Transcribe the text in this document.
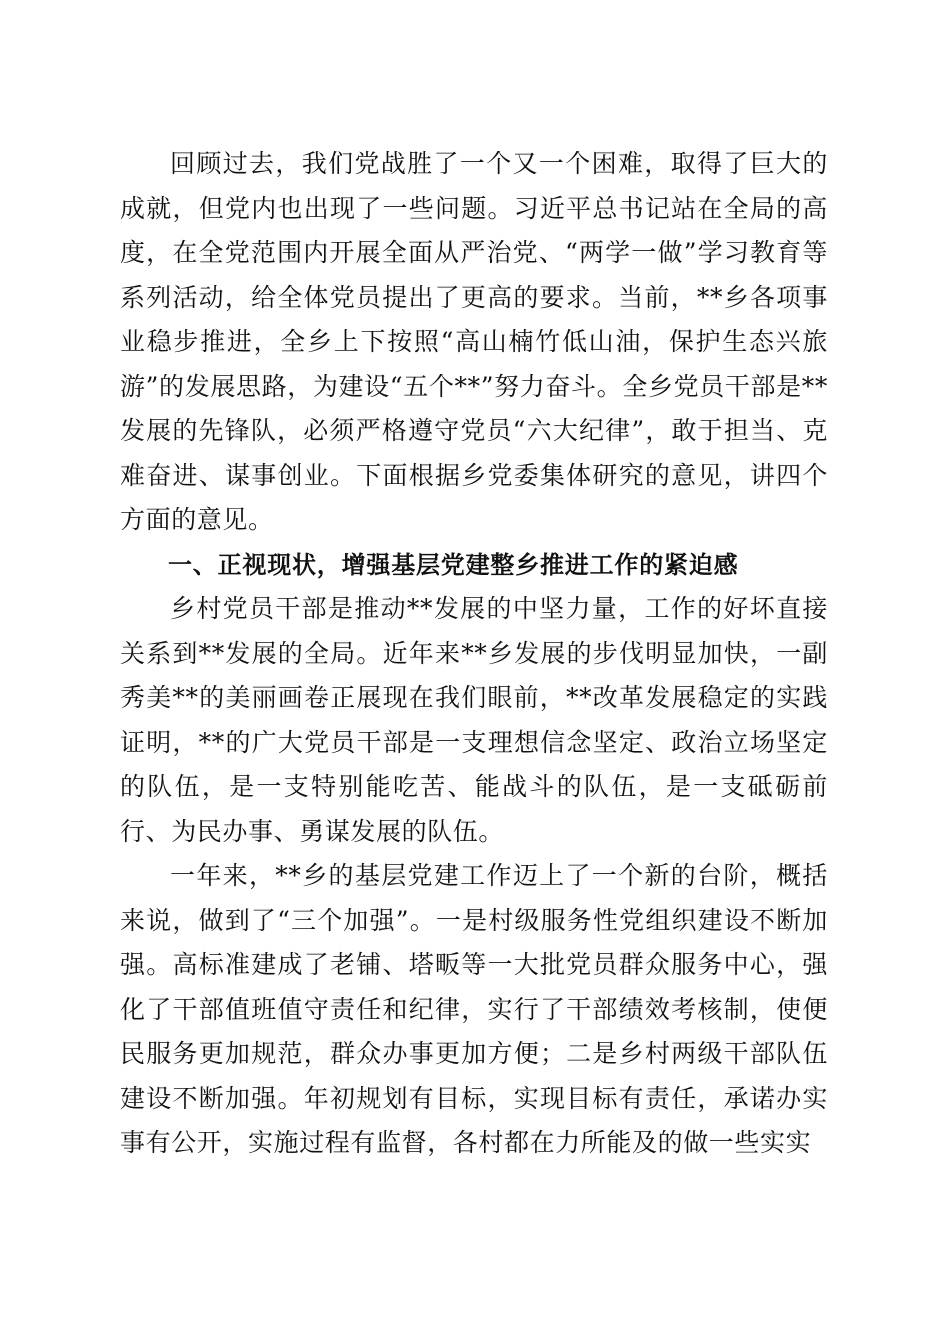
回顾过去，我们党战胜了一个又一个困难，取得了巨大的成就，但党内也出现了一些问题。习近平总书记站在全局的高度，在全党范围内开展全面从严治党、“两学一做”学习教育等系列活动，给全体党员提出了更高的要求。当前，**乡各项事业稳步推进，全乡上下按照“高山楠竹低山油，保护生态兴旅游”的发展思路，为建设“五个**”努力奋斗。全乡党员干部是**发展的先锋队，必须严格遵守党员“六大纪律”，敢于担当、克难奋进、谋事创业。下面根据乡党委集体研究的意见，讲四个方面的意见。

一、正视现状，增强基层党建整乡推进工作的紧迫感

乡村党员干部是推动**发展的中坚力量，工作的好坏直接关系到**发展的全局。近年来**乡发展的步伐明显加快，一副秀美**的美丽画卷正展现在我们眼前，**改革发展稳定的实践证明，**的广大党员干部是一支理想信念坚定、政治立场坚定的队伍，是一支特别能吃苦、能战斗的队伍，是一支砥砺前行、为民办事、勇谋发展的队伍。

一年来，**乡的基层党建工作迈上了一个新的台阶，概括来说，做到了“三个加强”。一是村级服务性党组织建设不断加强。高标准建成了老铺、塔畈等一大批党员群众服务中心，强化了干部值班值守责任和纪律，实行了干部绩效考核制，使便民服务更加规范，群众办事更加方便；二是乡村两级干部队伍建设不断加强。年初规划有目标，实现目标有责任，承诺办实事有公开，实施过程有监督，各村都在力所能及的做一些实实
